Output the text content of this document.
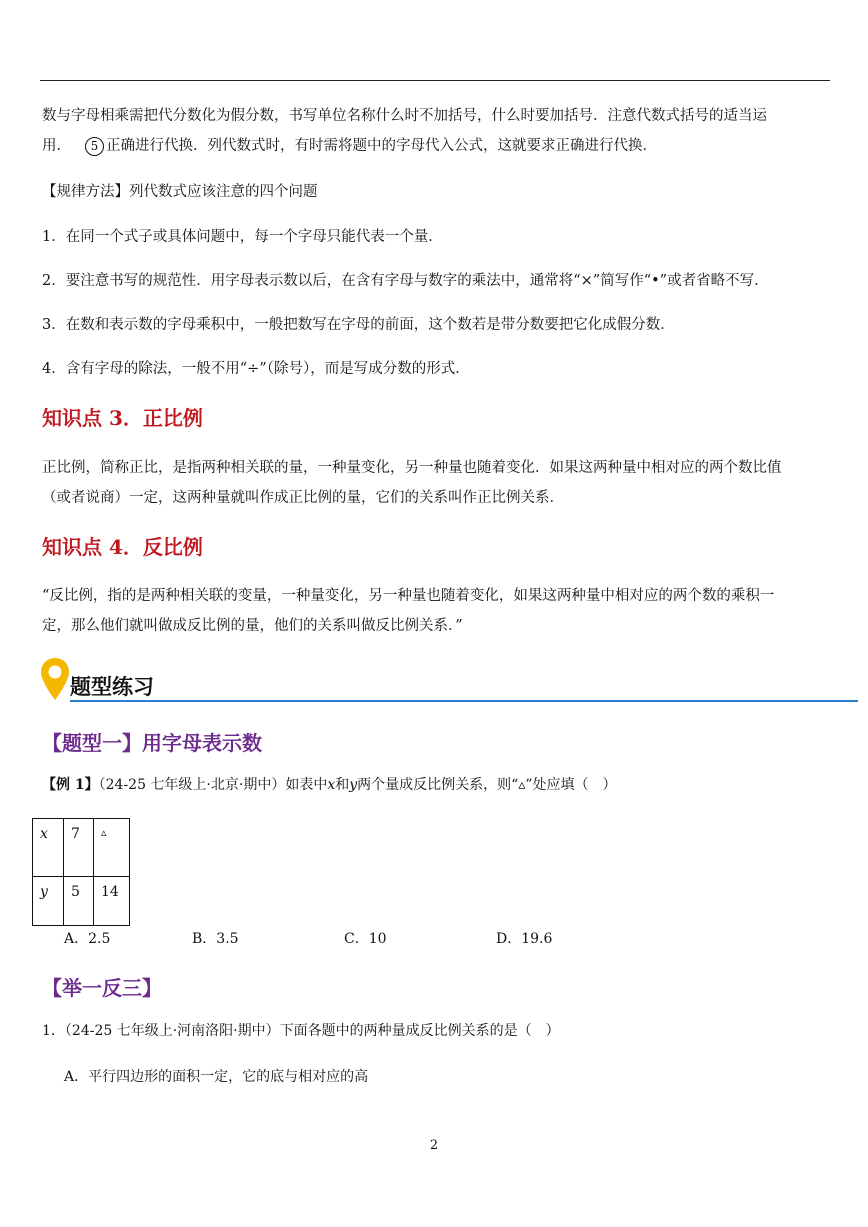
数与字母相乘需把代分数化为假分数，书写单位名称什么时不加括号，什么时要加括号．注意代数式括号的适当运
用． 5 正确进行代换．列代数式时，有时需将题中的字母代入公式，这就要求正确进行代换．
【规律方法】列代数式应该注意的四个问题
1．在同一个式子或具体问题中，每一个字母只能代表一个量．
2．要注意书写的规范性．用字母表示数以后，在含有字母与数字的乘法中，通常将“×”简写作“•”或者省略不写．
3．在数和表示数的字母乘积中，一般把数写在字母的前面，这个数若是带分数要把它化成假分数．
4．含有字母的除法，一般不用“÷”（除号），而是写成分数的形式．
知识点 3．正比例
正比例，简称正比，是指两种相关联的量，一种量变化，另一种量也随着变化．如果这两种量中相对应的两个数比值
（或者说商）一定，这两种量就叫作成正比例的量，它们的关系叫作正比例关系．
知识点 4．反比例
“反比例，指的是两种相关联的变量，一种量变化，另一种量也随着变化，如果这两种量中相对应的两个数的乘积一
定，那么他们就叫做成反比例的量，他们的关系叫做反比例关系．”
题型练习
【题型一】用字母表示数
【例 1】（24-25 七年级上·北京·期中）如表中x和y两个量成反比例关系，则“▵”处应填（　）
x	7	▵
y	5	14
A．2.5	B．3.5	C．10	D．19.6
【举一反三】
1．（24-25 七年级上·河南洛阳·期中）下面各题中的两种量成反比例关系的是（　）
A．平行四边形的面积一定，它的底与相对应的高
2
